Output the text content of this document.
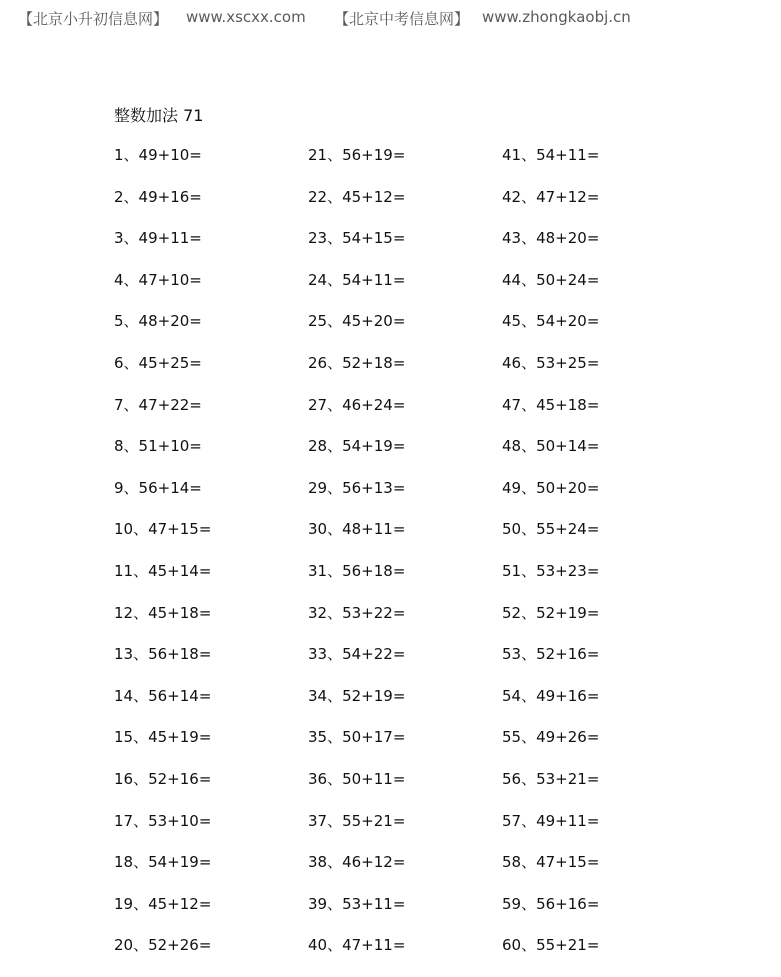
【北京小升初信息网】 www.xscxx.com 【北京中考信息网】 www.zhongkaobj.cn
整数加法 71
1、49+10=
2、49+16=
3、49+11=
4、47+10=
5、48+20=
6、45+25=
7、47+22=
8、51+10=
9、56+14=
10、47+15=
11、45+14=
12、45+18=
13、56+18=
14、56+14=
15、45+19=
16、52+16=
17、53+10=
18、54+19=
19、45+12=
20、52+26=
21、56+19=
22、45+12=
23、54+15=
24、54+11=
25、45+20=
26、52+18=
27、46+24=
28、54+19=
29、56+13=
30、48+11=
31、56+18=
32、53+22=
33、54+22=
34、52+19=
35、50+17=
36、50+11=
37、55+21=
38、46+12=
39、53+11=
40、47+11=
41、54+11=
42、47+12=
43、48+20=
44、50+24=
45、54+20=
46、53+25=
47、45+18=
48、50+14=
49、50+20=
50、55+24=
51、53+23=
52、52+19=
53、52+16=
54、49+16=
55、49+26=
56、53+21=
57、49+11=
58、47+15=
59、56+16=
60、55+21=
